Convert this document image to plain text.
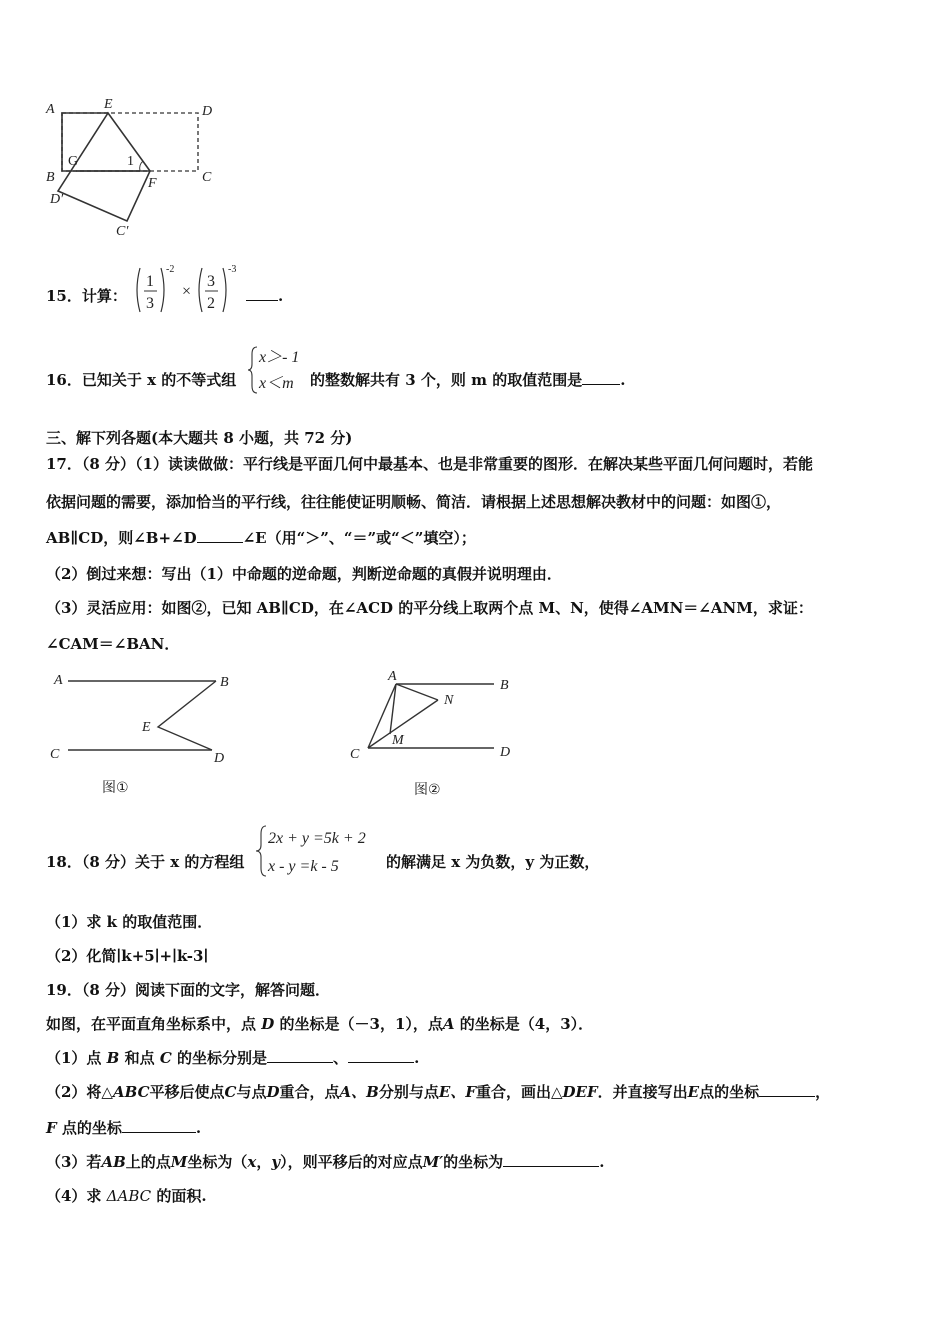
A	E	D
B
G	1
F	C
D′
C′
15．计算：
1
3
-2
×
3
2
-3
.
16．已知关于 x 的不等式组
x＞- 1
x＜m 的整数解共有 3 个，则 m 的取值范围是	.
三、解下列各题(本大题共 8 小题，共 72 分)
17．（8 分）（1）读读做做：平行线是平面几何中最基本、也是非常重要的图形．在解决某些平面几何问题时，若能
依据问题的需要，添加恰当的平行线，往往能使证明顺畅、简洁．请根据上述思想解决教材中的问题：如图①，
AB∥CD，则∠B+∠D	∠E（用“＞”、“＝”或“＜”填空）；
（2）倒过来想：写出（1）中命题的逆命题，判断逆命题的真假并说明理由．
（3）灵活应用：如图②，已知 AB∥CD，在∠ACD 的平分线上取两个点 M、N，使得∠AMN＝∠ANM，求证：
∠CAM＝∠BAN．
A	B
E
C	D
图①
A
B
N
M
C	D
图②
18．（8 分）关于 x 的方程组
2x + y =5k + 2
x - y =k - 5	的解满足 x 为负数，y 为正数，
（1）求 k 的取值范围．
（2）化简∣k+5∣+∣k-3∣
19．（8 分）阅读下面的文字，解答问题．
如图，在平面直角坐标系中，点 D 的坐标是（－3，1），点A 的坐标是（4，3）．
（1）点 B 和点 C 的坐标分别是	、	.
（2）将△ABC平移后使点C与点D重合，点A、B分别与点E、F重合，画出△DEF．并直接写出E点的坐标	，
F 点的坐标	.
（3）若AB上的点M坐标为（x，y），则平移后的对应点M′的坐标为	.
（4）求 ΔABC 的面积.
